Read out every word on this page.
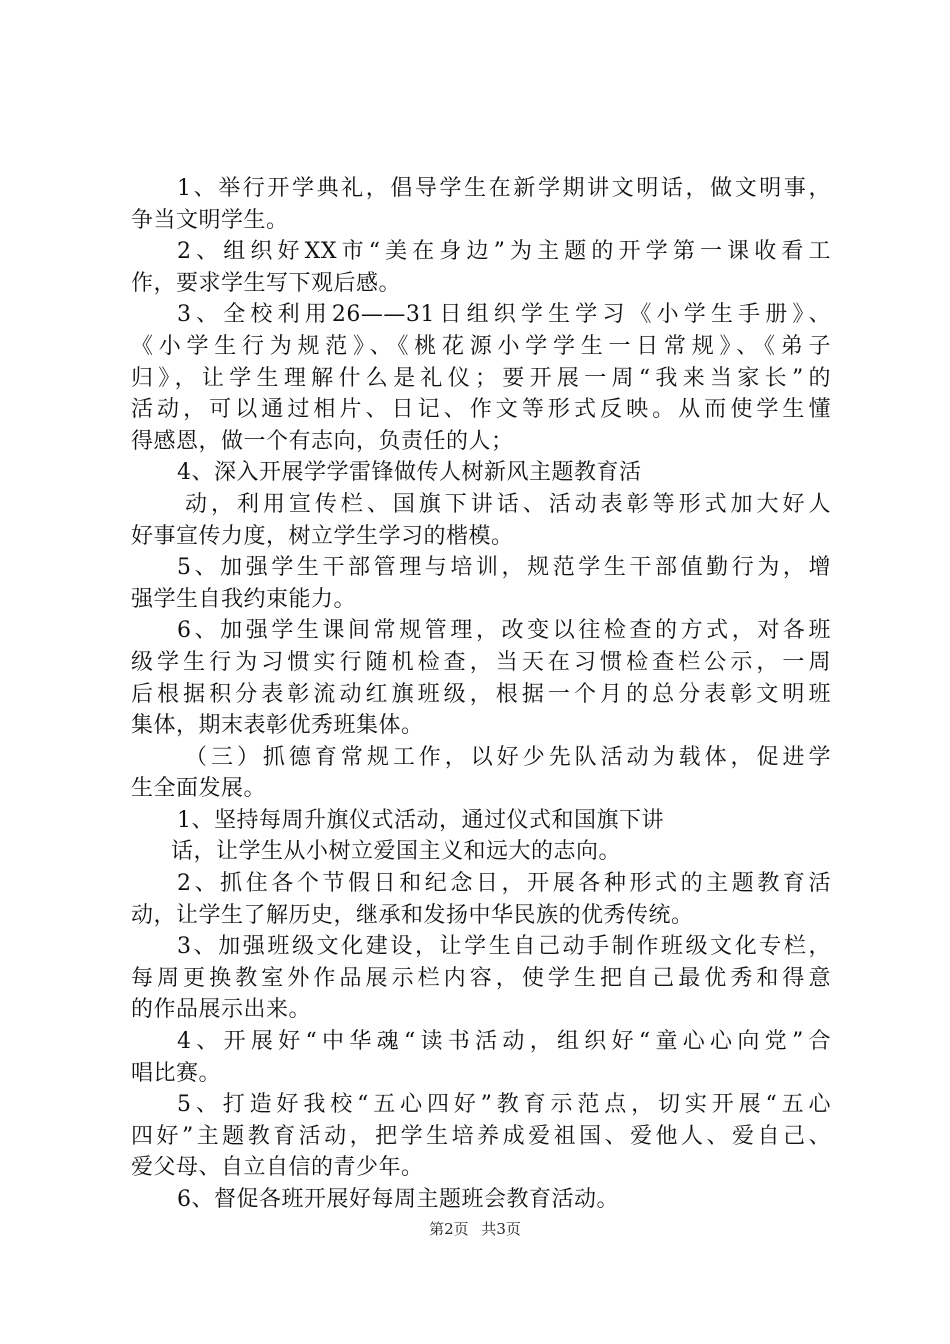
1、举行开学典礼，倡导学生在新学期讲文明话，做文明事，
争当文明学生。
2、组织好XX市“美在身边”为主题的开学第一课收看工
作，要求学生写下观后感。
3、全校利用26——31日组织学生学习《小学生手册》、
《小学生行为规范》、《桃花源小学学生一日常规》、《弟子
归》，让学生理解什么是礼仪；要开展一周“我来当家长”的
活动，可以通过相片、日记、作文等形式反映。从而使学生懂
得感恩，做一个有志向，负责任的人；
4、深入开展学学雷锋做传人树新风主题教育活
动，利用宣传栏、国旗下讲话、活动表彰等形式加大好人
好事宣传力度，树立学生学习的楷模。
5、加强学生干部管理与培训，规范学生干部值勤行为，增
强学生自我约束能力。
6、加强学生课间常规管理，改变以往检查的方式，对各班
级学生行为习惯实行随机检查，当天在习惯检查栏公示，一周
后根据积分表彰流动红旗班级，根据一个月的总分表彰文明班
集体，期末表彰优秀班集体。
（三）抓德育常规工作，以好少先队活动为载体，促进学
生全面发展。
1、坚持每周升旗仪式活动，通过仪式和国旗下讲
话，让学生从小树立爱国主义和远大的志向。
2、抓住各个节假日和纪念日，开展各种形式的主题教育活
动，让学生了解历史，继承和发扬中华民族的优秀传统。
3、加强班级文化建设，让学生自己动手制作班级文化专栏，
每周更换教室外作品展示栏内容，使学生把自己最优秀和得意
的作品展示出来。
4、开展好“中华魂“读书活动，组织好“童心心向党”合
唱比赛。
5、打造好我校“五心四好”教育示范点，切实开展“五心
四好”主题教育活动，把学生培养成爱祖国、爱他人、爱自己、
爱父母、自立自信的青少年。
6、督促各班开展好每周主题班会教育活动。
第2页 共3页
